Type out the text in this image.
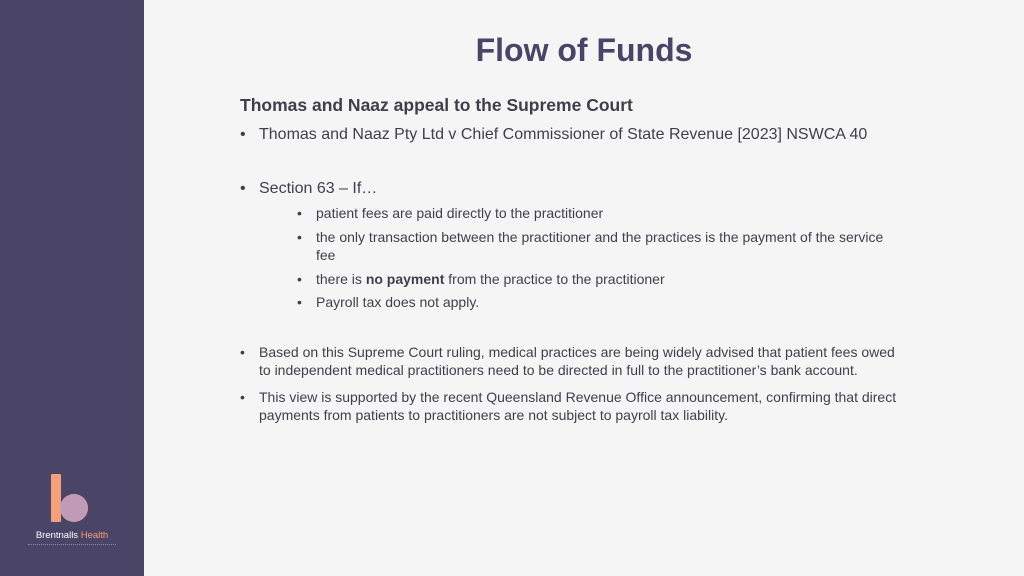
Brentnalls Health
Flow of Funds
Thomas and Naaz appeal to the Supreme Court
• Thomas and Naaz Pty Ltd v Chief Commissioner of State Revenue [2023] NSWCA 40
• Section 63 – If…
• patient fees are paid directly to the practitioner
• the only transaction between the practitioner and the practices is the payment of the service fee
• there is no payment from the practice to the practitioner
• Payroll tax does not apply.
• Based on this Supreme Court ruling, medical practices are being widely advised that patient fees owed to independent medical practitioners need to be directed in full to the practitioner’s bank account.
• This view is supported by the recent Queensland Revenue Office announcement, confirming that direct payments from patients to practitioners are not subject to payroll tax liability.
